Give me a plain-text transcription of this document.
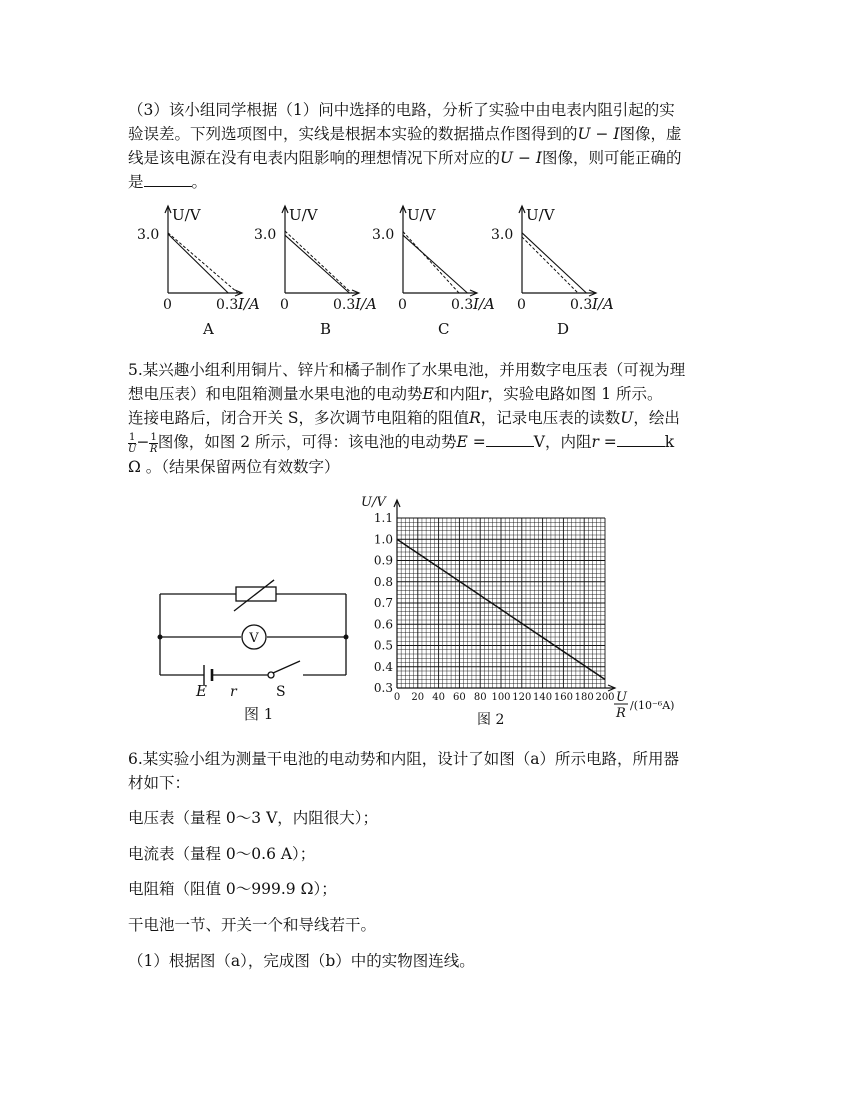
（3）该小组同学根据（1）问中选择的电路，分析了实验中由电表内阻引起的实
验误差。下列选项图中，实线是根据本实验的数据描点作图得到的U − I图像，虚
线是该电源在没有电表内阻影响的理想情况下所对应的U − I图像，则可能正确的
是	。
U/V
I/A
3.0
0	0.3
A
U/V
I/A
3.0
0	0.3
B
U/V
I/A
3.0
0	0.3
C
U/V
I/A
3.0
0	0.3
D
5.某兴趣小组利用铜片、锌片和橘子制作了水果电池，并用数字电压表（可视为理
想电压表）和电阻箱测量水果电池的电动势E和内阻r，实验电路如图 1 所示。
连接电路后，闭合开关 S，多次调节电阻箱的阻值R，记录电压表的读数U，绘出
$\frac{1}{U} - \frac{1}{R}$ 图像，如图 2 所示，可得：该电池的电动势E =	V，内阻r =	k
Ω 。（结果保留两位有效数字）
V
E r	S
图 1
0.3
0.4
0.5
0.6
0.7
0.8
0.9
1.0
1.1
0 20 40 60 80 100 120 140 160 180 200
U/V
U
R
/(10⁻⁶A)
图 2
6.某实验小组为测量干电池的电动势和内阻，设计了如图（a）所示电路，所用器
材如下：
电压表（量程 0～3 V，内阻很大）；
电流表（量程 0～0.6 A）；
电阻箱（阻值 0～999.9 Ω）；
干电池一节、开关一个和导线若干。
（1）根据图（a），完成图（b）中的实物图连线。
